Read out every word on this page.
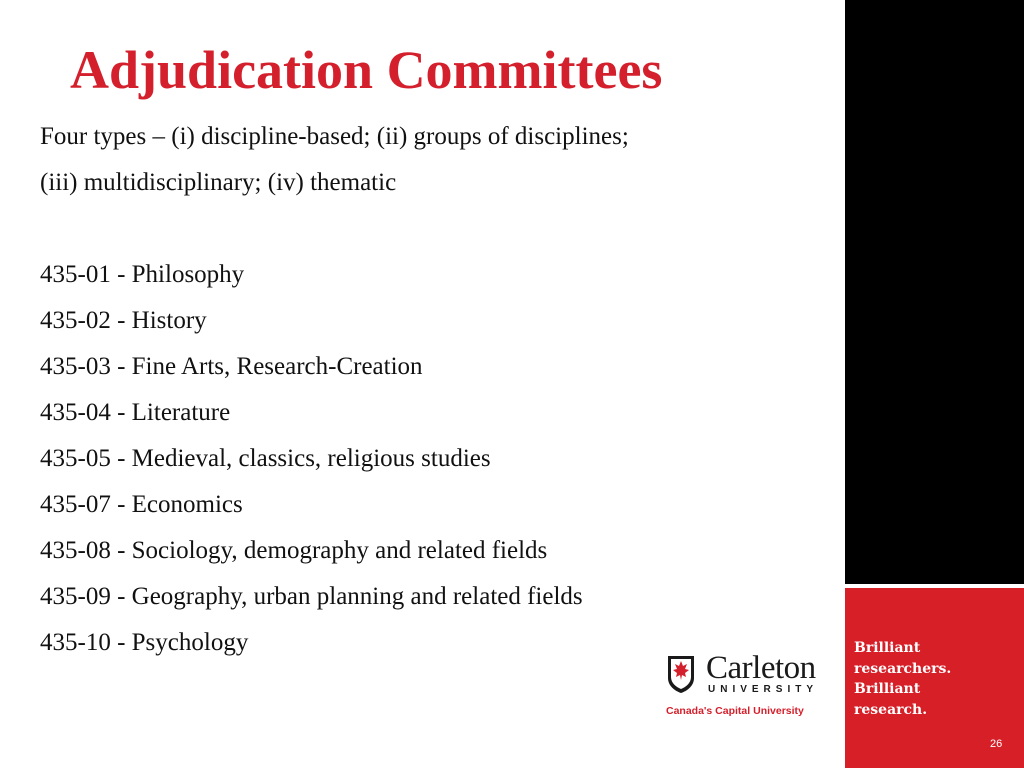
Adjudication Committees
Four types – (i) discipline-based; (ii) groups of disciplines;
(iii) multidisciplinary; (iv) thematic
435-01 - Philosophy
435-02 - History
435-03 - Fine Arts, Research-Creation
435-04 - Literature
435-05 - Medieval, classics, religious studies
435-07 - Economics
435-08 - Sociology, demography and related fields
435-09 - Geography, urban planning and related fields
435-10 - Psychology
Carleton
UNIVERSITY
Canada's Capital University
Brilliant
researchers.
Brilliant
research.
26
